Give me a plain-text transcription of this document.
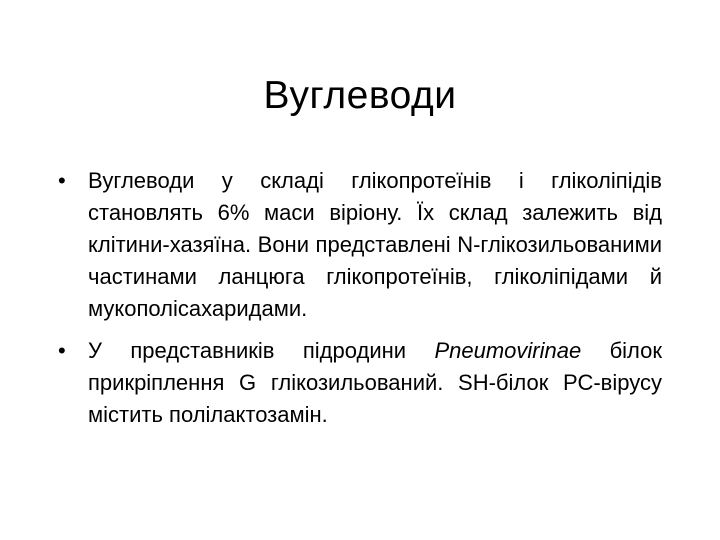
Вуглеводи
•	Вуглеводи у складі глікопротеїнів і гліколіпідів становлять 6% маси віріону. Їх склад залежить від клітини-хазяїна. Вони представлені N-глікозильованими частинами ланцюга глікопротеїнів, гліколіпідами й мукополісахаридами.
•	У представників підродини Pneumovirinae білок прикріплення G глікозильований. SH-білок РС-вірусу містить полілактозамін.
